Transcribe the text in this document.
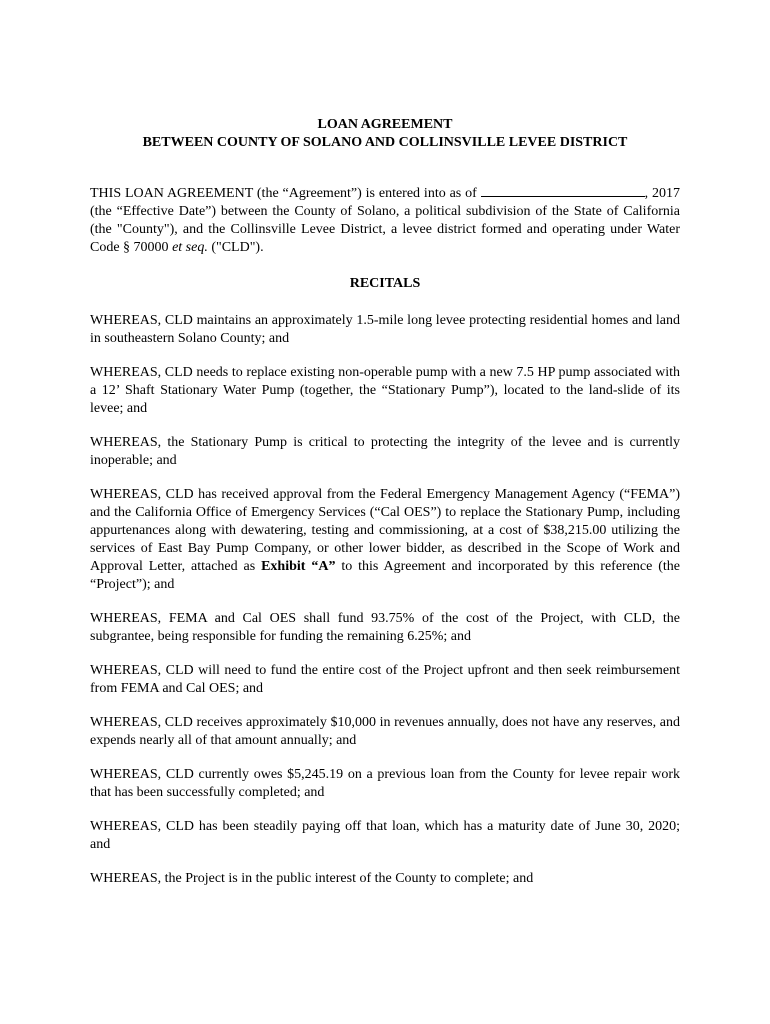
LOAN AGREEMENT
BETWEEN COUNTY OF SOLANO AND COLLINSVILLE LEVEE DISTRICT

THIS LOAN AGREEMENT (the “Agreement”) is entered into as of	, 2017 (the “Effective Date”) between the County of Solano, a political subdivision of the State of California (the "County"), and the Collinsville Levee District, a levee district formed and operating under Water Code § 70000 et seq. ("CLD").

RECITALS

WHEREAS, CLD maintains an approximately 1.5-mile long levee protecting residential homes and land in southeastern Solano County; and

WHEREAS, CLD needs to replace existing non-operable pump with a new 7.5 HP pump associated with a 12’ Shaft Stationary Water Pump (together, the “Stationary Pump”), located to the land-slide of its levee; and

WHEREAS, the Stationary Pump is critical to protecting the integrity of the levee and is currently inoperable; and

WHEREAS, CLD has received approval from the Federal Emergency Management Agency (“FEMA”) and the California Office of Emergency Services (“Cal OES”) to replace the Stationary Pump, including appurtenances along with dewatering, testing and commissioning, at a cost of $38,215.00 utilizing the services of East Bay Pump Company, or other lower bidder, as described in the Scope of Work and Approval Letter, attached as Exhibit “A” to this Agreement and incorporated by this reference (the “Project”); and

WHEREAS, FEMA and Cal OES shall fund 93.75% of the cost of the Project, with CLD, the subgrantee, being responsible for funding the remaining 6.25%; and

WHEREAS, CLD will need to fund the entire cost of the Project upfront and then seek reimbursement from FEMA and Cal OES; and

WHEREAS, CLD receives approximately $10,000 in revenues annually, does not have any reserves, and expends nearly all of that amount annually; and

WHEREAS, CLD currently owes $5,245.19 on a previous loan from the County for levee repair work that has been successfully completed; and

WHEREAS, CLD has been steadily paying off that loan, which has a maturity date of June 30, 2020; and

WHEREAS, the Project is in the public interest of the County to complete; and
